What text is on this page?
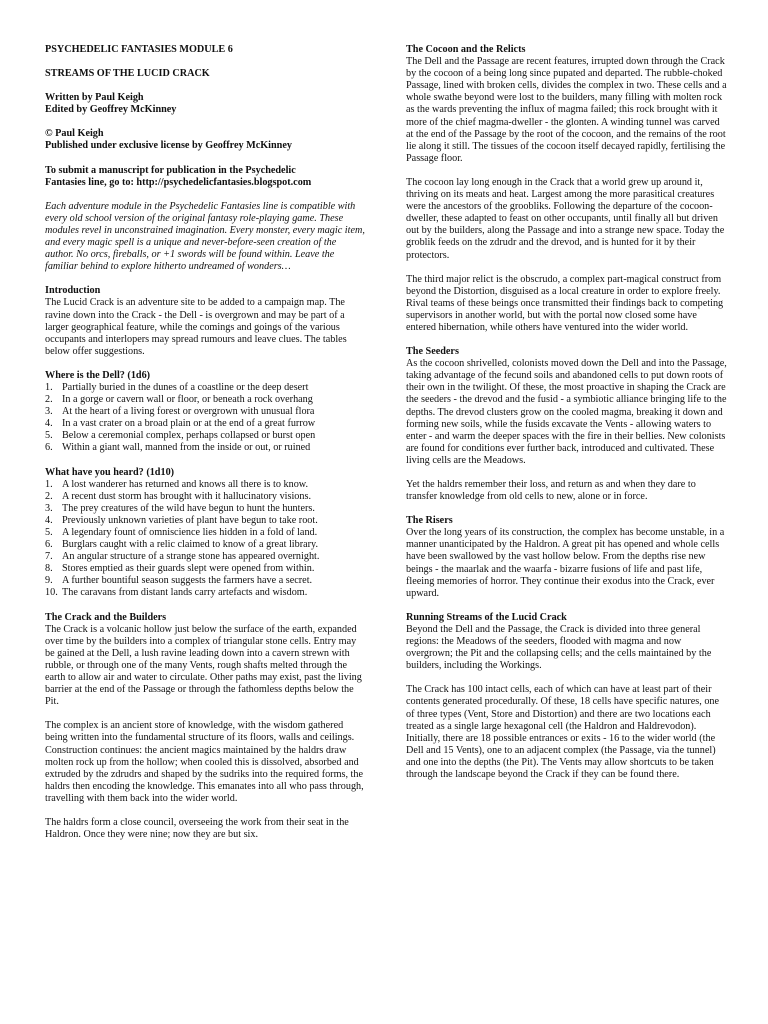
PSYCHEDELIC FANTASIES MODULE 6

STREAMS OF THE LUCID CRACK

Written by Paul Keigh

Edited by Geoffrey McKinney

© Paul Keigh

Published under exclusive license by Geoffrey McKinney

To submit a manuscript for publication in the Psychedelic

Fantasies line, go to: http://psychedelicfantasies.blogspot.com

Each adventure module in the Psychedelic Fantasies line is compatible with every old school version of the original fantasy role-playing game. These modules revel in unconstrained imagination. Every monster, every magic item, and every magic spell is a unique and never-before-seen creation of the author. No orcs, fireballs, or +1 swords will be found within. Leave the familiar behind to explore hitherto undreamed of wonders…

Introduction

The Lucid Crack is an adventure site to be added to a campaign map. The ravine down into the Crack - the Dell - is overgrown and may be part of a larger geographical feature, while the comings and goings of the various occupants and interlopers may spread rumours and leave clues. The tables below offer suggestions.

Where is the Dell? (1d6)
1. Partially buried in the dunes of a coastline or the deep desert
2. In a gorge or cavern wall or floor, or beneath a rock overhang
3. At the heart of a living forest or overgrown with unusual flora
4. In a vast crater on a broad plain or at the end of a great furrow
5. Below a ceremonial complex, perhaps collapsed or burst open
6. Within a giant wall, manned from the inside or out, or ruined
What have you heard? (1d10)
1. A lost wanderer has returned and knows all there is to know.
2. A recent dust storm has brought with it hallucinatory visions.
3. The prey creatures of the wild have begun to hunt the hunters.
4. Previously unknown varieties of plant have begun to take root.
5. A legendary fount of omniscience lies hidden in a fold of land.
6. Burglars caught with a relic claimed to know of a great library.
7. An angular structure of a strange stone has appeared overnight.
8. Stores emptied as their guards slept were opened from within.
9. A further bountiful season suggests the farmers have a secret.
10. The caravans from distant lands carry artefacts and wisdom.
The Crack and the Builders

The Crack is a volcanic hollow just below the surface of the earth, expanded over time by the builders into a complex of triangular stone cells. Entry may be gained at the Dell, a lush ravine leading down into a cavern strewn with rubble, or through one of the many Vents, rough shafts melted through the earth to allow air and water to circulate. Other paths may exist, past the living barrier at the end of the Passage or through the fathomless depths below the Pit.

The complex is an ancient store of knowledge, with the wisdom gathered being written into the fundamental structure of its floors, walls and ceilings. Construction continues: the ancient magics maintained by the haldrs draw molten rock up from the hollow; when cooled this is dissolved, absorbed and extruded by the zdrudrs and shaped by the sudriks into the required forms, the haldrs then encoding the knowledge. This emanates into all who pass through, travelling with them back into the wider world.

The haldrs form a close council, overseeing the work from their seat in the Haldron. Once they were nine; now they are but six.

The Cocoon and the Relicts

The Dell and the Passage are recent features, irrupted down through the Crack by the cocoon of a being long since pupated and departed. The rubble-choked Passage, lined with broken cells, divides the complex in two. These cells and a whole swathe beyond were lost to the builders, many filling with molten rock as the wards preventing the influx of magma failed; this rock brought with it more of the chief magma-dweller - the glonten. A winding tunnel was carved at the end of the Passage by the root of the cocoon, and the remains of the root lie along it still. The tissues of the cocoon itself decayed rapidly, fertilising the Passage floor.

The cocoon lay long enough in the Crack that a world grew up around it, thriving on its meats and heat. Largest among the more parasitical creatures were the ancestors of the groobliks. Following the departure of the cocoon-dweller, these adapted to feast on other occupants, until finally all but driven out by the builders, along the Passage and into a strange new space. Today the groblik feeds on the zdrudr and the drevod, and is hunted for it by their protectors.

The third major relict is the obscrudo, a complex part-magical construct from beyond the Distortion, disguised as a local creature in order to explore freely. Rival teams of these beings once transmitted their findings back to competing supervisors in another world, but with the portal now closed some have entered hibernation, while others have ventured into the wider world.

The Seeders

As the cocoon shrivelled, colonists moved down the Dell and into the Passage, taking advantage of the fecund soils and abandoned cells to put down roots of their own in the twilight. Of these, the most proactive in shaping the Crack are the seeders - the drevod and the fusid - a symbiotic alliance bringing life to the depths. The drevod clusters grow on the cooled magma, breaking it down and forming new soils, while the fusids excavate the Vents - allowing waters to enter - and warm the deeper spaces with the fire in their bellies. New colonists are found for conditions ever further back, introduced and cultivated. These living cells are the Meadows.

Yet the haldrs remember their loss, and return as and when they dare to transfer knowledge from old cells to new, alone or in force.

The Risers

Over the long years of its construction, the complex has become unstable, in a manner unanticipated by the Haldron. A great pit has opened and whole cells have been swallowed by the vast hollow below. From the depths rise new beings - the maarlak and the waarfa - bizarre fusions of life and past life, fleeing memories of horror. They continue their exodus into the Crack, ever upward.

Running Streams of the Lucid Crack

Beyond the Dell and the Passage, the Crack is divided into three general regions: the Meadows of the seeders, flooded with magma and now overgrown; the Pit and the collapsing cells; and the cells maintained by the builders, including the Workings.

The Crack has 100 intact cells, each of which can have at least part of their contents generated procedurally. Of these, 18 cells have specific natures, one of three types (Vent, Store and Distortion) and there are two locations each treated as a single large hexagonal cell (the Haldron and Haldrevodon). Initially, there are 18 possible entrances or exits - 16 to the wider world (the Dell and 15 Vents), one to an adjacent complex (the Passage, via the tunnel) and one into the depths (the Pit). The Vents may allow shortcuts to be taken through the landscape beyond the Crack if they can be found there.
